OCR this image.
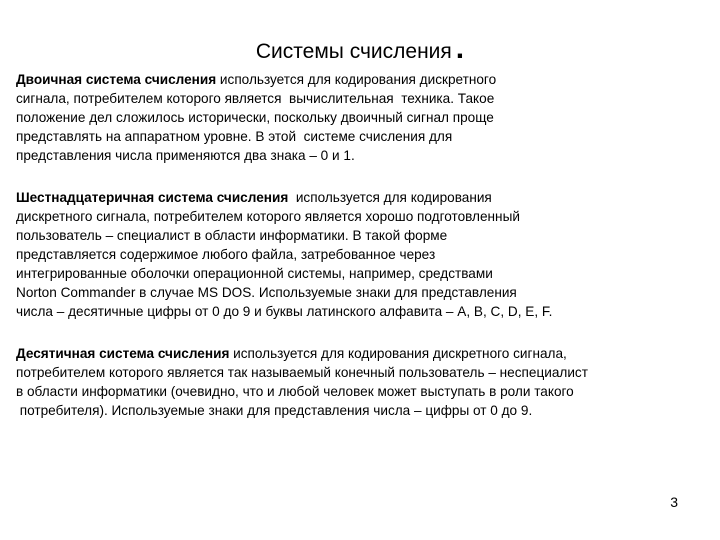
Системы счисления .
Двоичная система счисления используется для кодирования дискретного
сигнала, потребителем которого является  вычислительная  техника. Такое
положение дел сложилось исторически, поскольку двоичный сигнал проще
представлять на аппаратном уровне. В этой  системе счисления для
представления числа применяются два знака – 0 и 1.
Шестнадцатеричная система счисления  используется для кодирования
дискретного сигнала, потребителем которого является хорошо подготовленный
пользователь – специалист в области информатики. В такой форме
представляется содержимое любого файла, затребованное через
интегрированные оболочки операционной системы, например, средствами
Norton Commander в случае MS DOS. Используемые знаки для представления
числа – десятичные цифры от 0 до 9 и буквы латинского алфавита – A, B, C, D, E, F.
Десятичная система счисления используется для кодирования дискретного сигнала,
потребителем которого является так называемый конечный пользователь – неспециалист
в области информатики (очевидно, что и любой человек может выступать в роли такого
потребителя). Используемые знаки для представления числа – цифры от 0 до 9.
3
